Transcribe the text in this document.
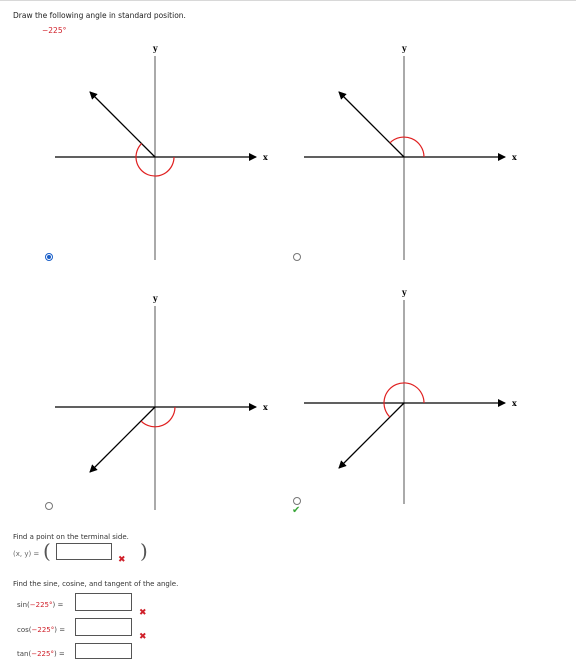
Draw the following angle in standard position.
−225°
y
x
y
x
y
x
y
x
✔
Find a point on the terminal side.
(x, y) = (	✖ )
Find the sine, cosine, and tangent of the angle.
sin(−225°) =
✖
cos(−225°) =
✖
tan(−225°) =
